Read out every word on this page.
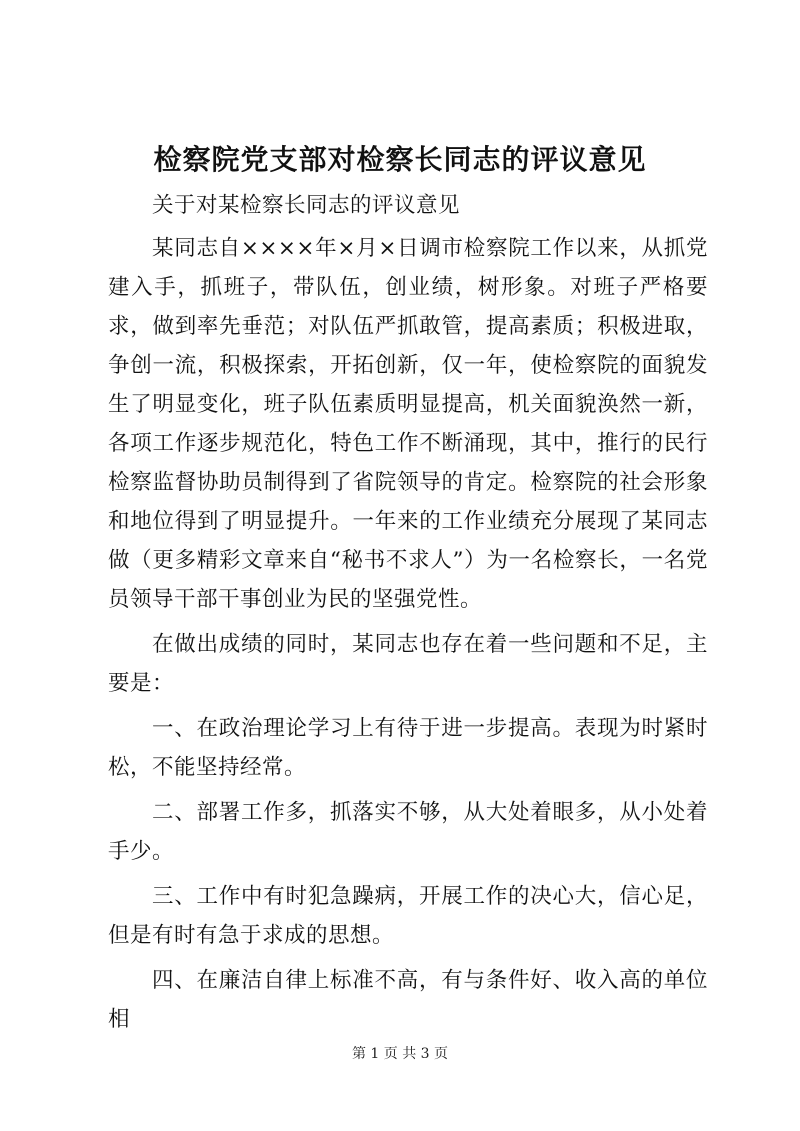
检察院党支部对检察长同志的评议意见

关于对某检察长同志的评议意见

某同志自××××年×月×日调市检察院工作以来，从抓党建入手，抓班子，带队伍，创业绩，树形象。对班子严格要求，做到率先垂范；对队伍严抓敢管，提高素质；积极进取，争创一流，积极探索，开拓创新，仅一年，使检察院的面貌发生了明显变化，班子队伍素质明显提高，机关面貌涣然一新，各项工作逐步规范化，特色工作不断涌现，其中，推行的民行检察监督协助员制得到了省院领导的肯定。检察院的社会形象和地位得到了明显提升。一年来的工作业绩充分展现了某同志做（更多精彩文章来自“秘书不求人”）为一名检察长，一名党员领导干部干事创业为民的坚强党性。

在做出成绩的同时，某同志也存在着一些问题和不足，主要是：

一、在政治理论学习上有待于进一步提高。表现为时紧时松，不能坚持经常。

二、部署工作多，抓落实不够，从大处着眼多，从小处着手少。

三、工作中有时犯急躁病，开展工作的决心大，信心足，但是有时有急于求成的思想。

四、在廉洁自律上标准不高，有与条件好、收入高的单位相

第 1 页 共 3 页
